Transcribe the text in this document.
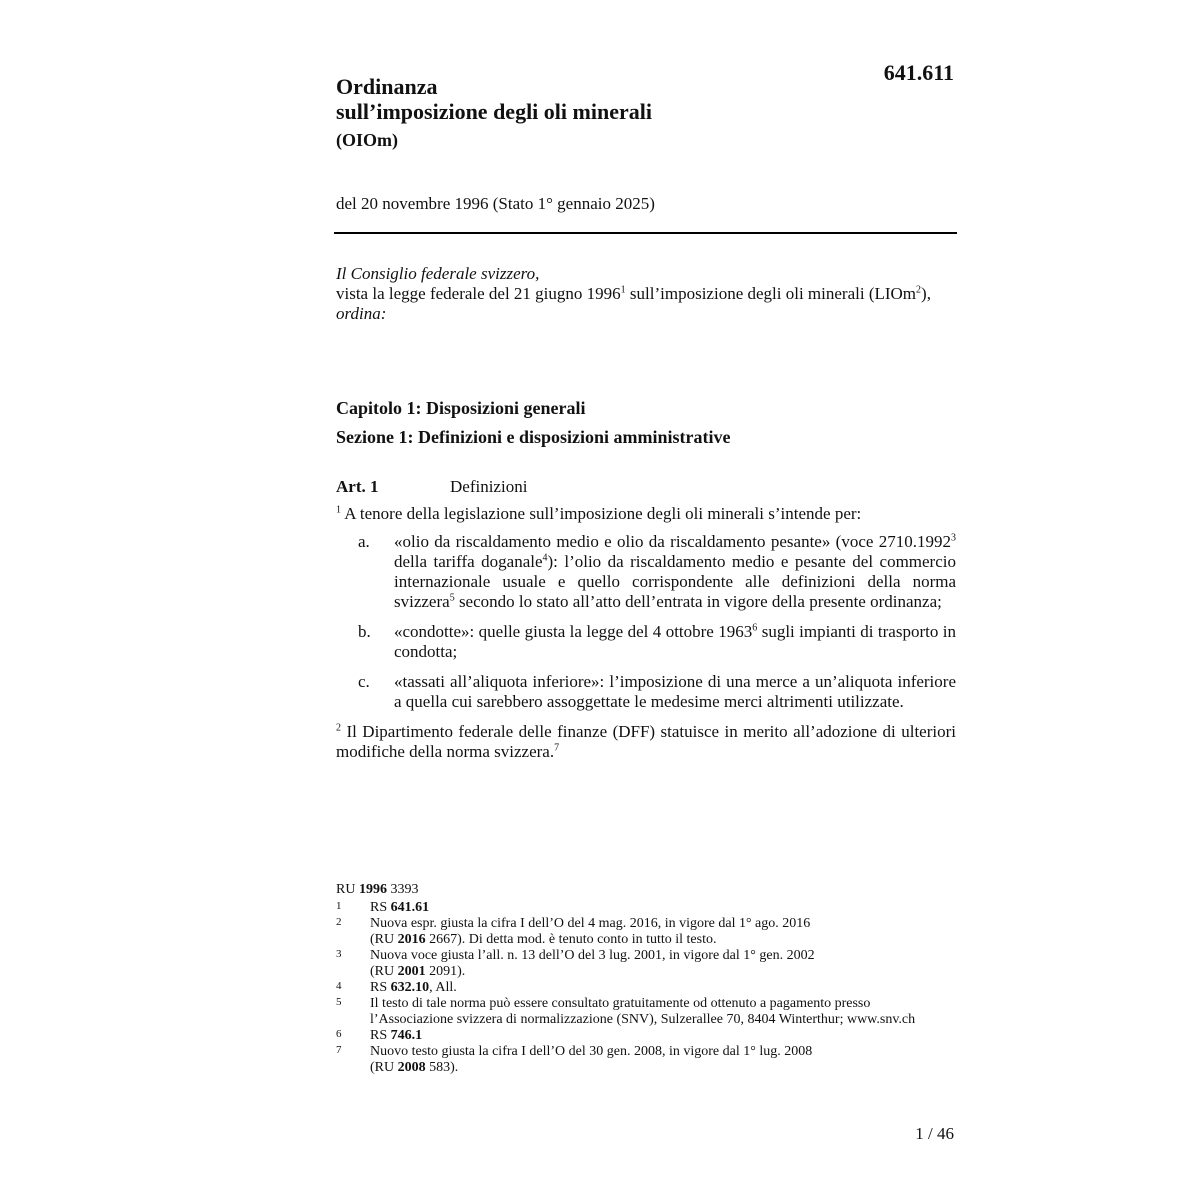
641.611
Ordinanza
sull’imposizione degli oli minerali
(OIOm)
del 20 novembre 1996 (Stato 1° gennaio 2025)
Il Consiglio federale svizzero,
vista la legge federale del 21 giugno 1996$^1$ sull’imposizione degli oli minerali (LIOm$^2$),
ordina:
Capitolo 1: Disposizioni generali
Sezione 1: Definizioni e disposizioni amministrative
Art. 1	Definizioni

$^1$ A tenore della legislazione sull’imposizione degli oli minerali s’intende per:

a.	«olio da riscaldamento medio e olio da riscaldamento pesante» (voce 2710.1992$^3$ della tariffa doganale$^4$): l’olio da riscaldamento medio e pesante del commercio internazionale usuale e quello corrispondente alle definizioni della norma svizzera$^5$ secondo lo stato all’atto dell’entrata in vigore della presente ordinanza;
b.	«condotte»: quelle giusta la legge del 4 ottobre 1963$^6$ sugli impianti di trasporto in condotta;
c.	«tassati all’aliquota inferiore»: l’imposizione di una merce a un’aliquota inferiore a quella cui sarebbero assoggettate le medesime merci altrimenti utilizzate.

$^2$ Il Dipartimento federale delle finanze (DFF) statuisce in merito all’adozione di ulteriori modifiche della norma svizzera.$^7$

RU 1996 3393
1	RS 641.61
2	Nuova espr. giusta la cifra I dell’O del 4 mag. 2016, in vigore dal 1° ago. 2016
(RU 2016 2667). Di detta mod. è tenuto conto in tutto il testo.
3	Nuova voce giusta l’all. n. 13 dell’O del 3 lug. 2001, in vigore dal 1° gen. 2002
(RU 2001 2091).
4	RS 632.10, All.
5	Il testo di tale norma può essere consultato gratuitamente od ottenuto a pagamento presso l’Associazione svizzera di normalizzazione (SNV), Sulzerallee 70, 8404 Winterthur; www.snv.ch
6	RS 746.1
7	Nuovo testo giusta la cifra I dell’O del 30 gen. 2008, in vigore dal 1° lug. 2008
(RU 2008 583).
1 / 46
